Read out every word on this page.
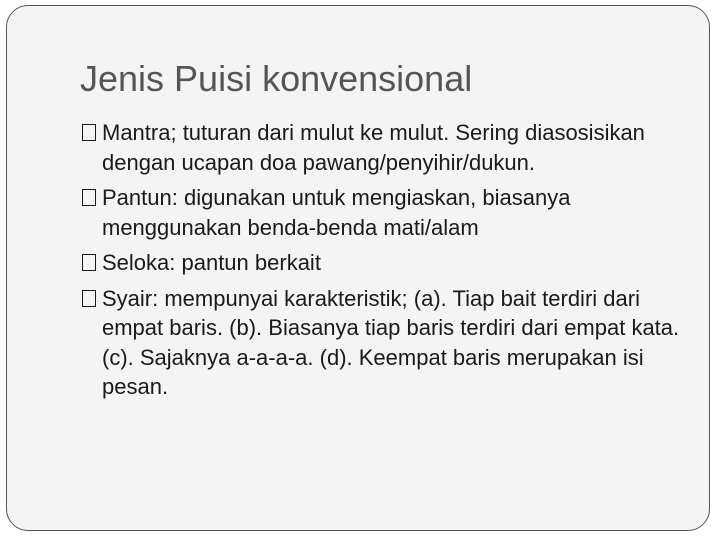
Jenis Puisi konvensional
Mantra; tuturan dari mulut ke mulut. Sering diasosisikan dengan ucapan doa pawang/penyihir/dukun.
Pantun: digunakan untuk mengiaskan, biasanya menggunakan benda-benda mati/alam
Seloka: pantun berkait
Syair: mempunyai karakteristik; (a). Tiap bait terdiri dari empat baris. (b). Biasanya tiap baris terdiri dari empat kata. (c). Sajaknya a-a-a-a. (d). Keempat baris merupakan isi pesan.
